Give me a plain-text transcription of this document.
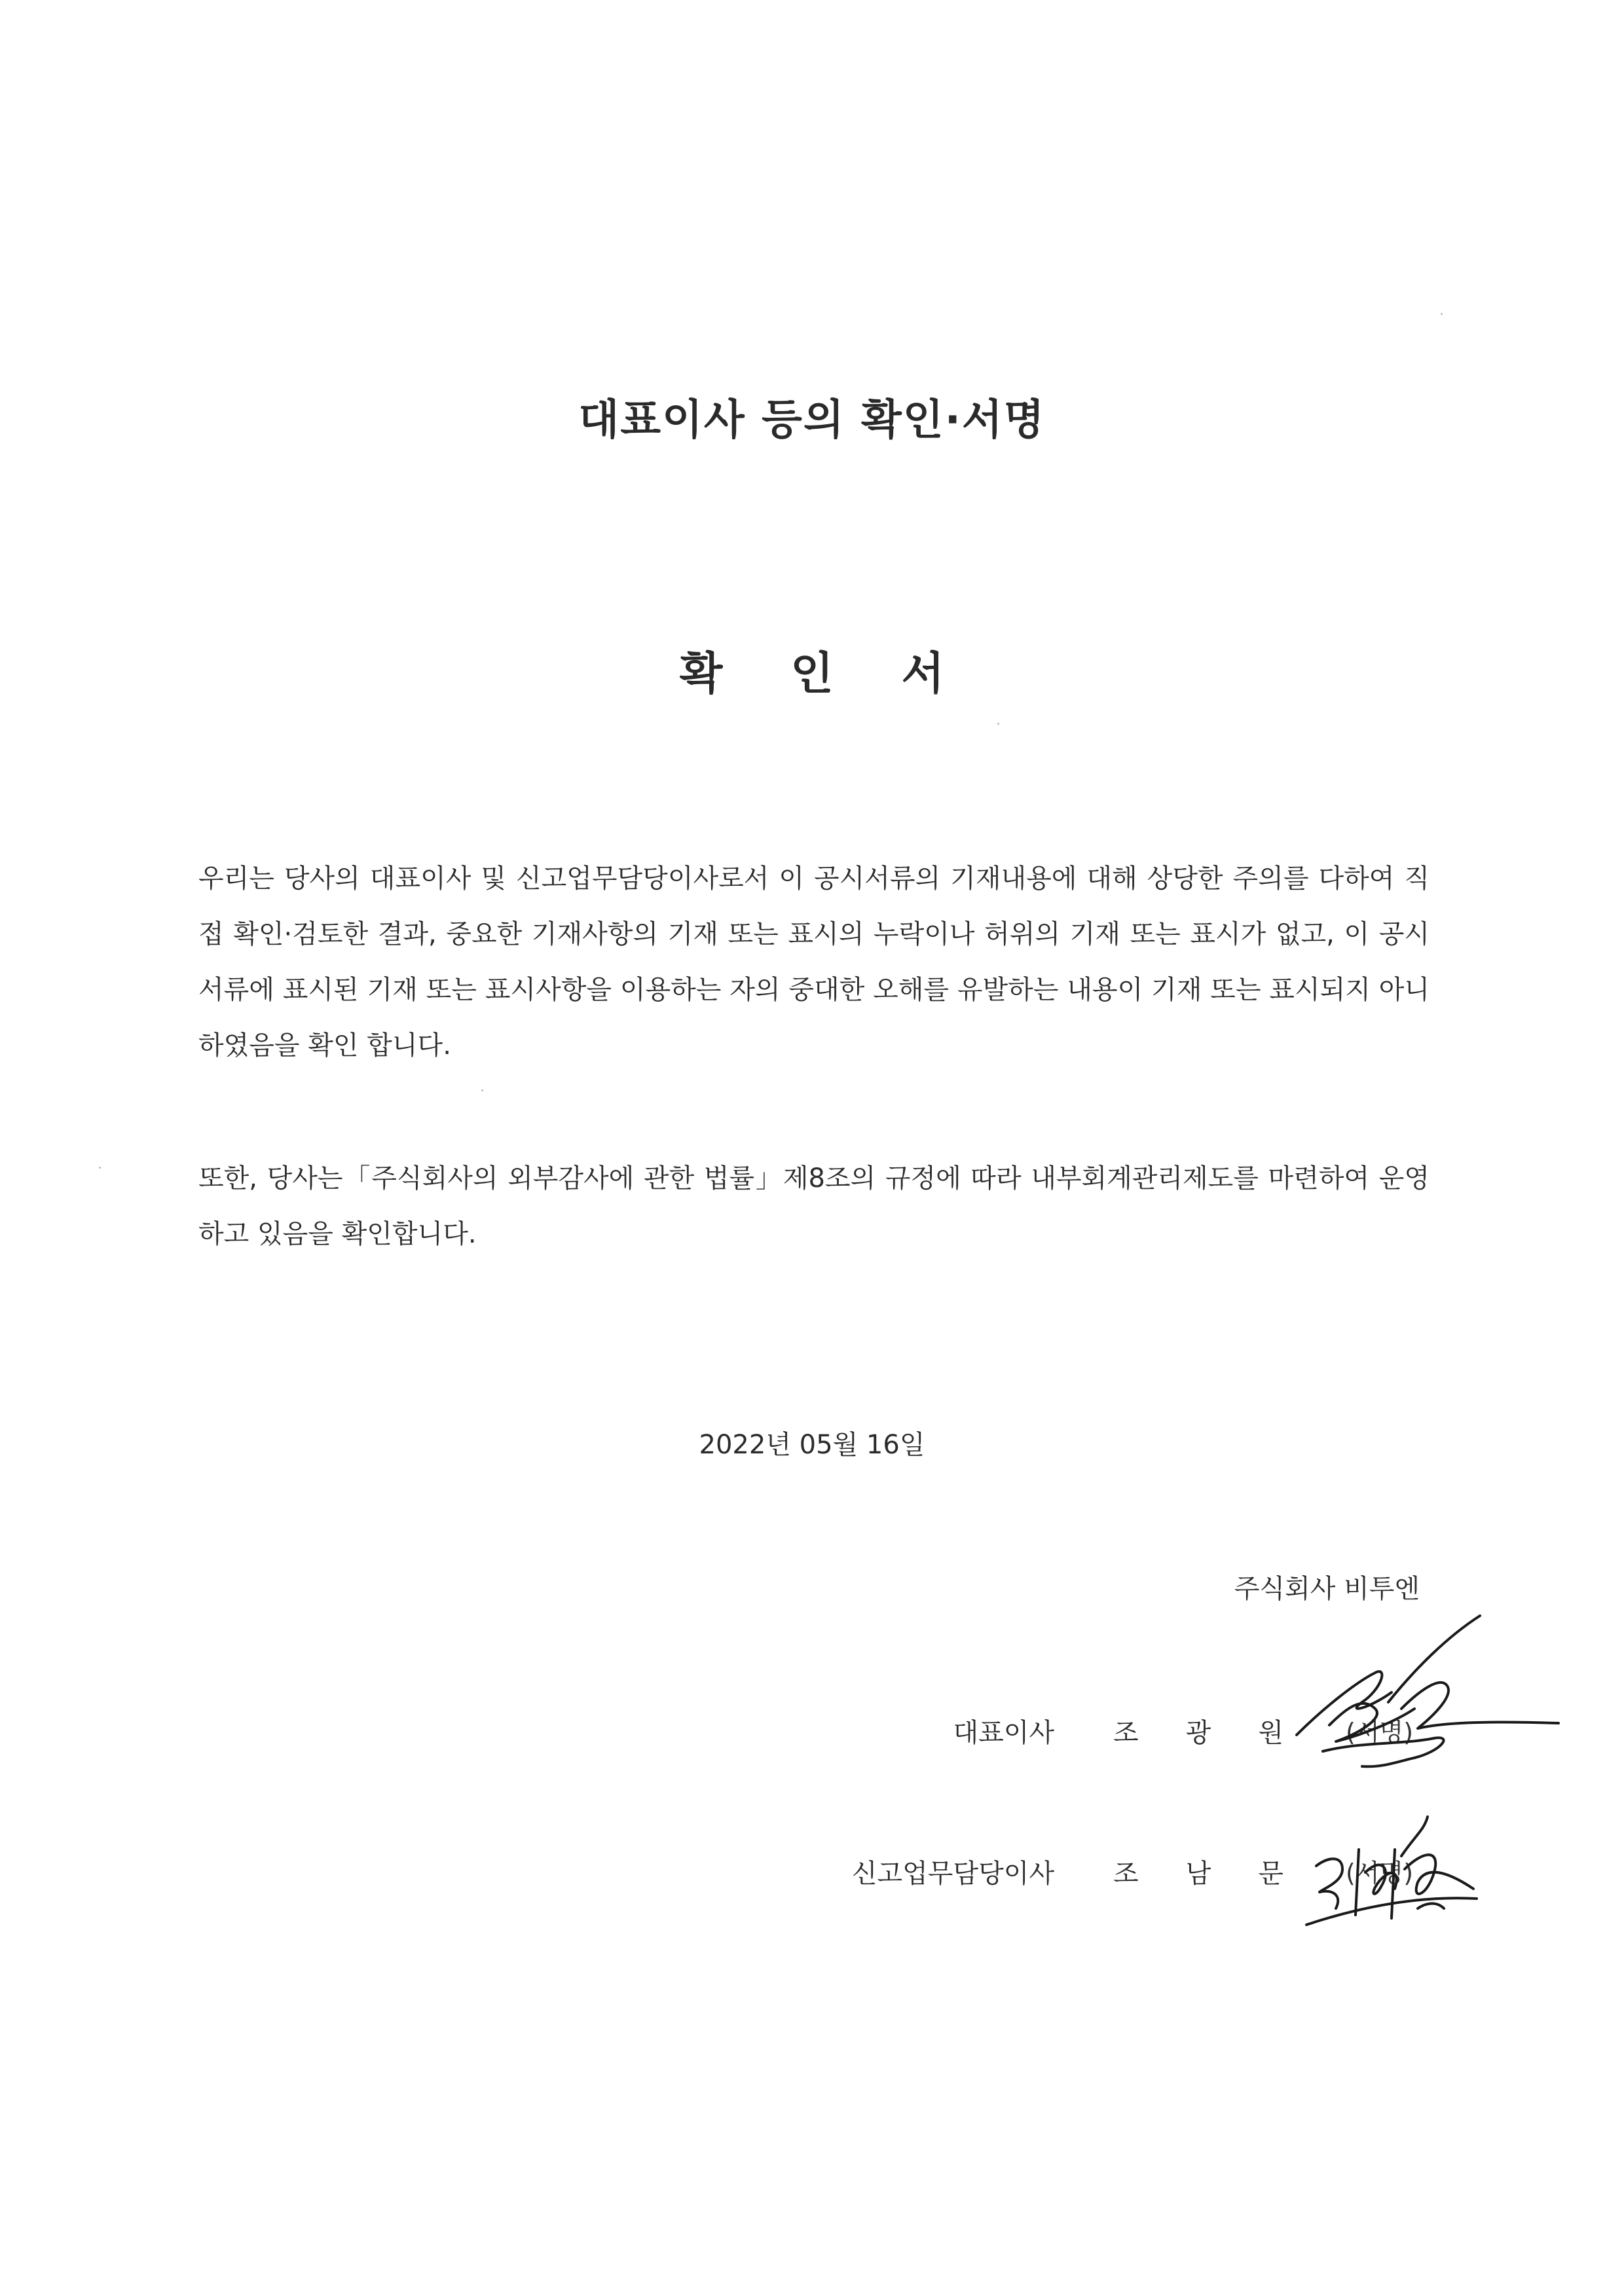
대표이사 등의 확인·서명
확 인 서

우리는 당사의 대표이사 및 신고업무담당이사로서 이 공시서류의 기재내용에 대해 상당한 주의를 다하여 직접 확인·검토한 결과, 중요한 기재사항의 기재 또는 표시의 누락이나 허위의 기재 또는 표시가 없고, 이 공시서류에 표시된 기재 또는 표시사항을 이용하는 자의 중대한 오해를 유발하는 내용이 기재 또는 표시되지 아니하였음을 확인 합니다.

또한, 당사는「주식회사의 외부감사에 관한 법률」제8조의 규정에 따라 내부회계관리제도를 마련하여 운영하고 있음을 확인합니다.

2022년 05월 16일
주식회사 비투엔
대표이사 조 광 원	(서명)
신고업무담당이사 조 남 문	(서명)
